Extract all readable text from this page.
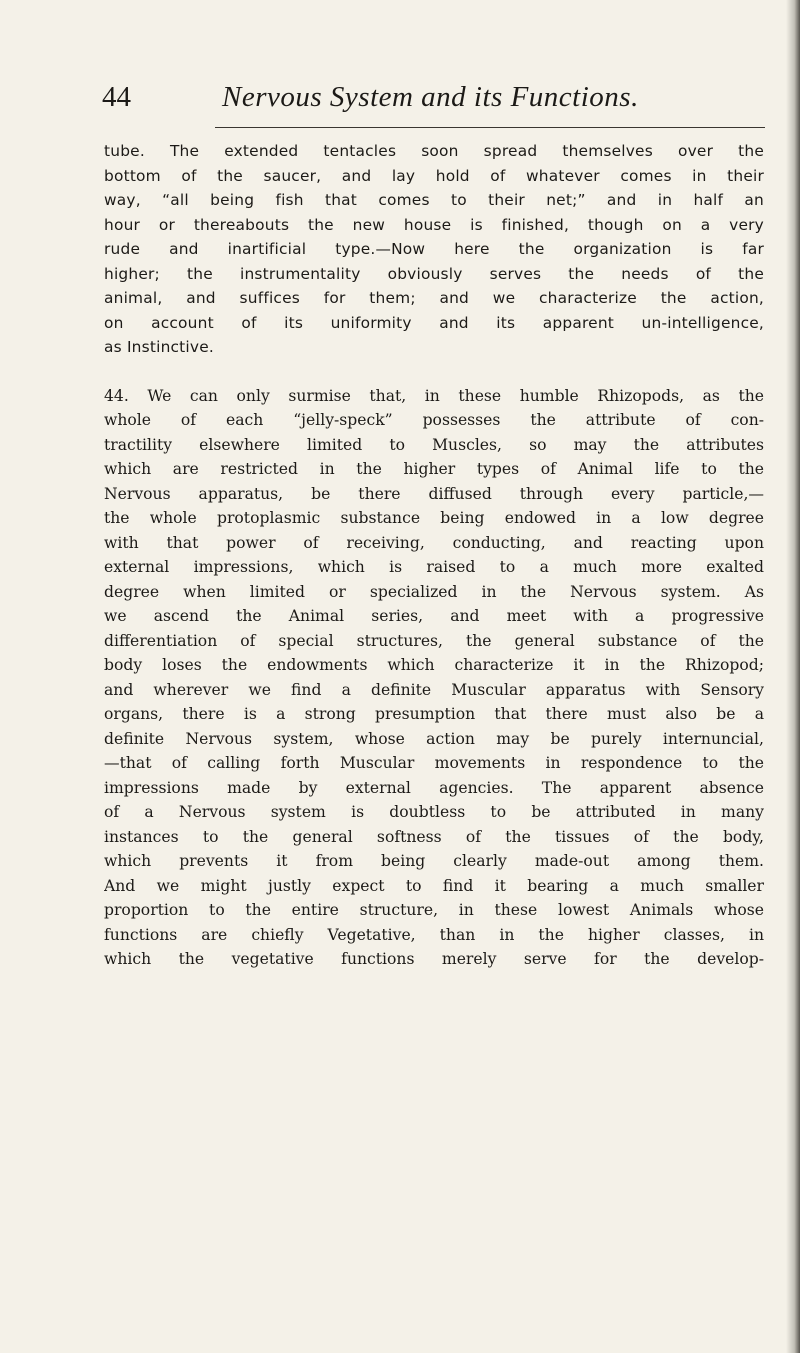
44	Nervous System and its Functions.
tube. The extended tentacles soon spread themselves over the
bottom of the saucer, and lay hold of whatever comes in their
way, “all being fish that comes to their net;” and in half an
hour or thereabouts the new house is finished, though on a very
rude and inartificial type.—Now here the organization is far
higher; the instrumentality obviously serves the needs of the
animal, and suffices for them; and we characterize the action,
on account of its uniformity and its apparent un-intelligence,
as Instinctive.
44. We can only surmise that, in these humble Rhizopods, as the
whole of each “jelly-speck” possesses the attribute of con-
tractility elsewhere limited to Muscles, so may the attributes
which are restricted in the higher types of Animal life to the
Nervous apparatus, be there diffused through every particle,—
the whole protoplasmic substance being endowed in a low degree
with that power of receiving, conducting, and reacting upon
external impressions, which is raised to a much more exalted
degree when limited or specialized in the Nervous system. As
we ascend the Animal series, and meet with a progressive
differentiation of special structures, the general substance of the
body loses the endowments which characterize it in the Rhizopod;
and wherever we find a definite Muscular apparatus with Sensory
organs, there is a strong presumption that there must also be a
definite Nervous system, whose action may be purely internuncial,
—that of calling forth Muscular movements in respondence to the
impressions made by external agencies. The apparent absence
of a Nervous system is doubtless to be attributed in many
instances to the general softness of the tissues of the body,
which prevents it from being clearly made-out among them.
And we might justly expect to find it bearing a much smaller
proportion to the entire structure, in these lowest Animals whose
functions are chiefly Vegetative, than in the higher classes, in
which the vegetative functions merely serve for the develop-
